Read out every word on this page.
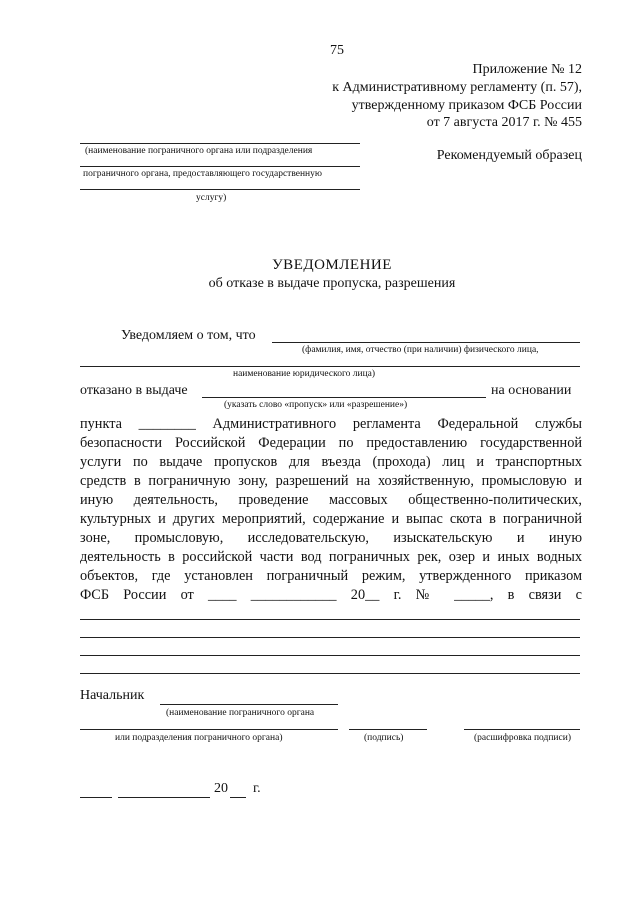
75
Приложение № 12
к Административному регламенту (п. 57),
утвержденному приказом ФСБ России
от 7 августа 2017 г. № 455
(наименование пограничного органа или подразделения
пограничного органа, предоставляющего государственную
услугу)
Рекомендуемый образец
УВЕДОМЛЕНИЕ
об отказе в выдаче пропуска, разрешения
Уведомляем о том, что
(фамилия, имя, отчество (при наличии) физического лица,
наименование юридического лица)
отказано в выдаче	на основании
(указать слово «пропуск» или «разрешение»)
пункта ________ Административного регламента Федеральной службы
безопасности Российской Федерации по предоставлению государственной
услуги по выдаче пропусков для въезда (прохода) лиц и транспортных
средств в пограничную зону, разрешений на хозяйственную, промысловую и
иную деятельность, проведение массовых общественно-политических,
культурных и других мероприятий, содержание и выпас скота в пограничной
зоне, промысловую, исследовательскую, изыскательскую и иную
деятельность в российской части вод пограничных рек, озер и иных водных
объектов, где установлен пограничный режим, утвержденного приказом
ФСБ России от ____ ____________ 20__ г. № _____, в связи с
Начальник
(наименование пограничного органа
или подразделения пограничного органа)	(подпись)	(расшифровка подписи)
20 г.
